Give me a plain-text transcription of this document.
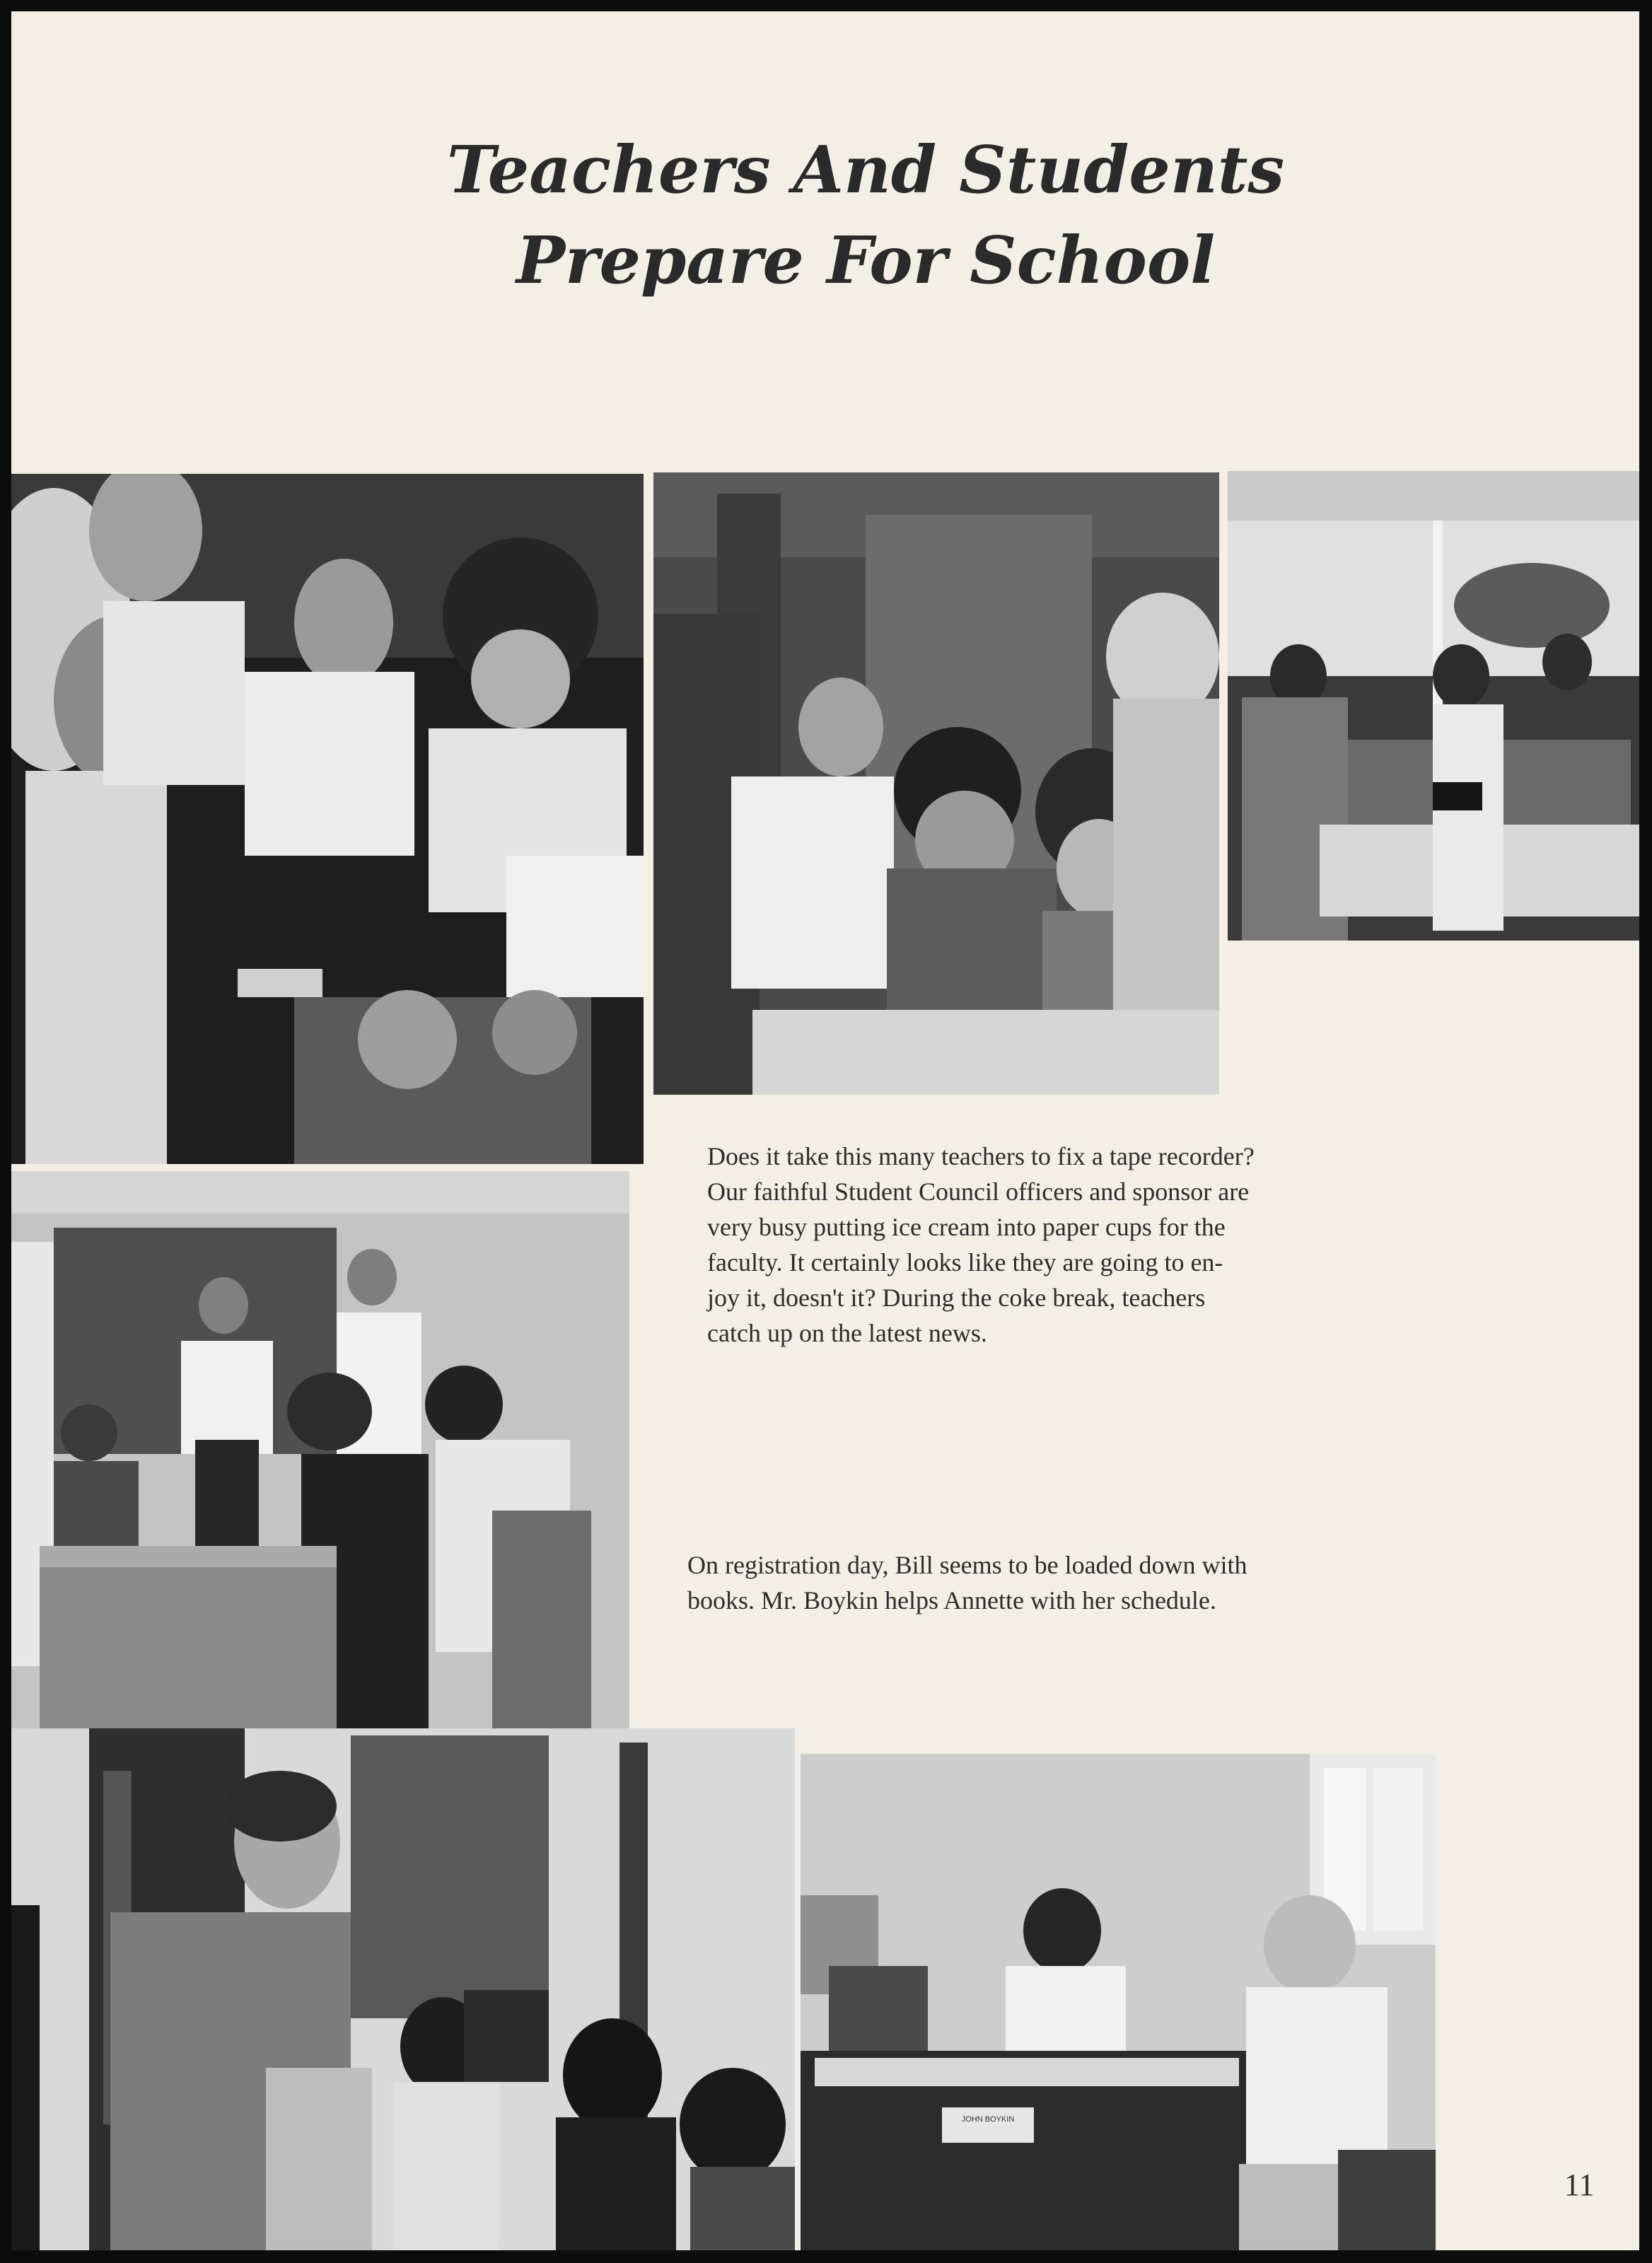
Teachers And Students
Prepare For School
JOHN BOYKIN
Does it take this many teachers to fix a tape recorder?
Our faithful Student Council officers and sponsor are
very busy putting ice cream into paper cups for the
faculty. It certainly looks like they are going to en-
joy it, doesn't it? During the coke break, teachers
catch up on the latest news.
On registration day, Bill seems to be loaded down with
books. Mr. Boykin helps Annette with her schedule.
11
